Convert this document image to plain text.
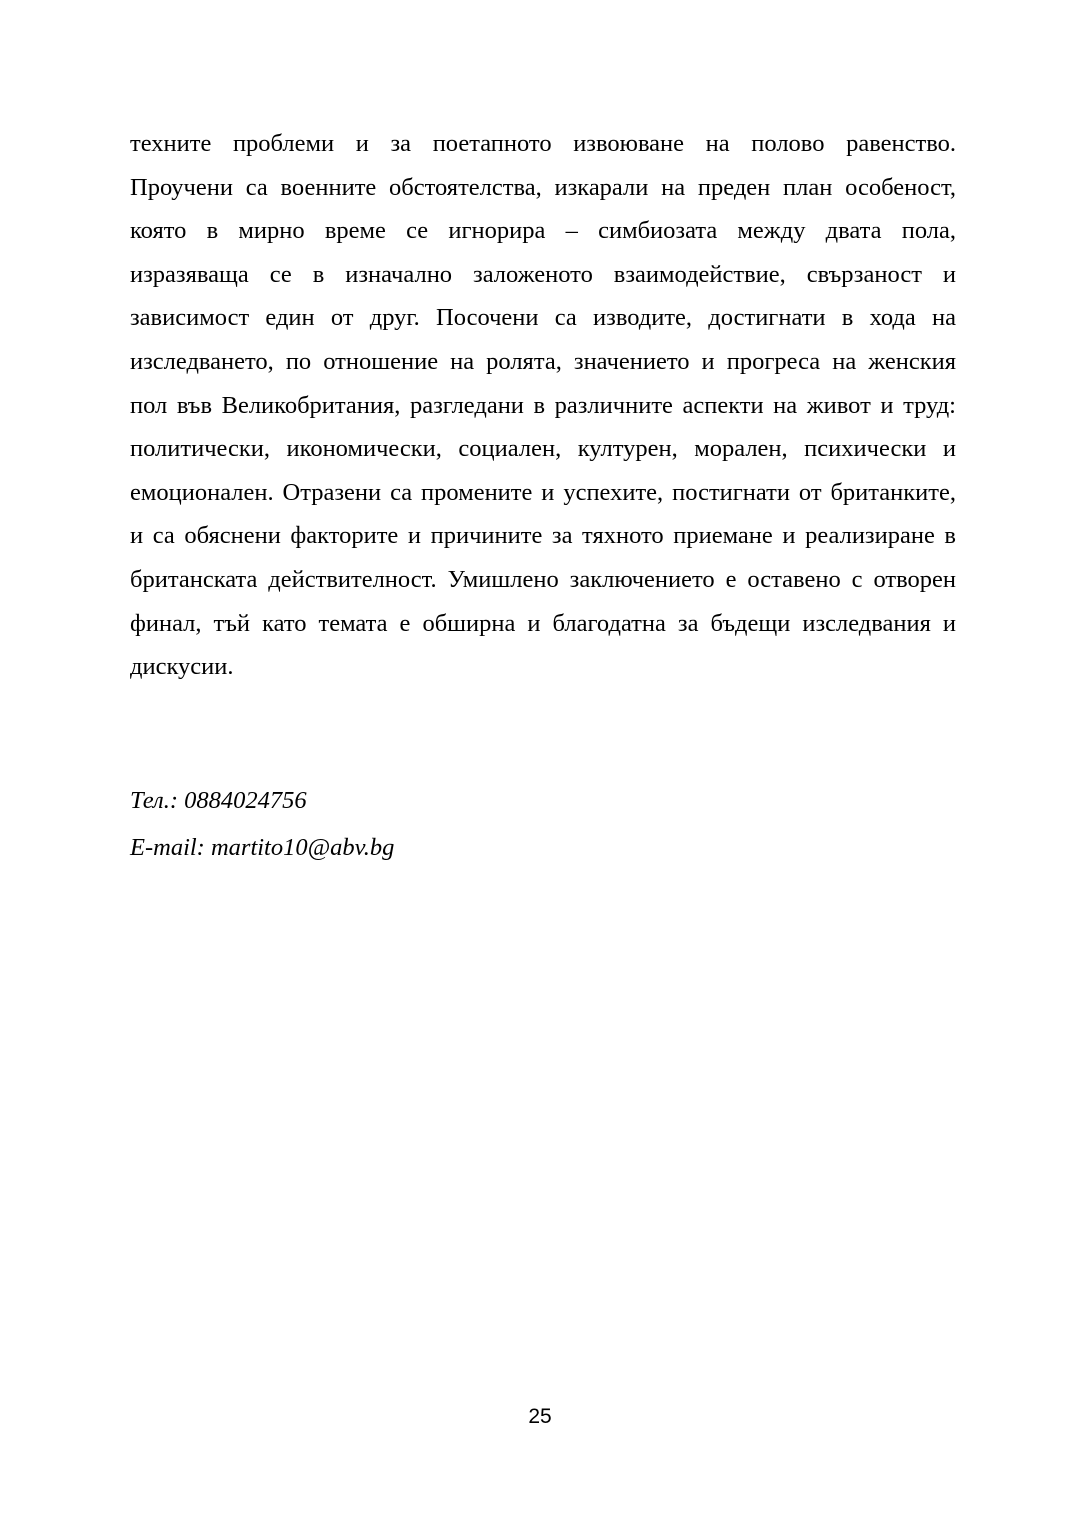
техните проблеми и за поетапното извоюване на полово равенство.
Проучени са военните обстоятелства, изкарали на преден план особеност,
която в мирно време се игнорира – симбиозата между двата пола,
изразяваща се в изначално заложеното взаимодействие, свързаност и
зависимост един от друг. Посочени са изводите, достигнати в хода на
изследването, по отношение на ролята, значението и прогреса на женския
пол във Великобритания, разгледани в различните аспекти на живот и труд:
политически, икономически, социален, културен, морален, психически и
емоционален. Отразени са промените и успехите, постигнати от британките,
и са обяснени факторите и причините за тяхното приемане и реализиране в
британската действителност. Умишлено заключението е оставено с отворен
финал, тъй като темата е обширна и благодатна за бъдещи изследвания и
дискусии.
Тел.: 0884024756
E-mail: martito10@abv.bg
25
